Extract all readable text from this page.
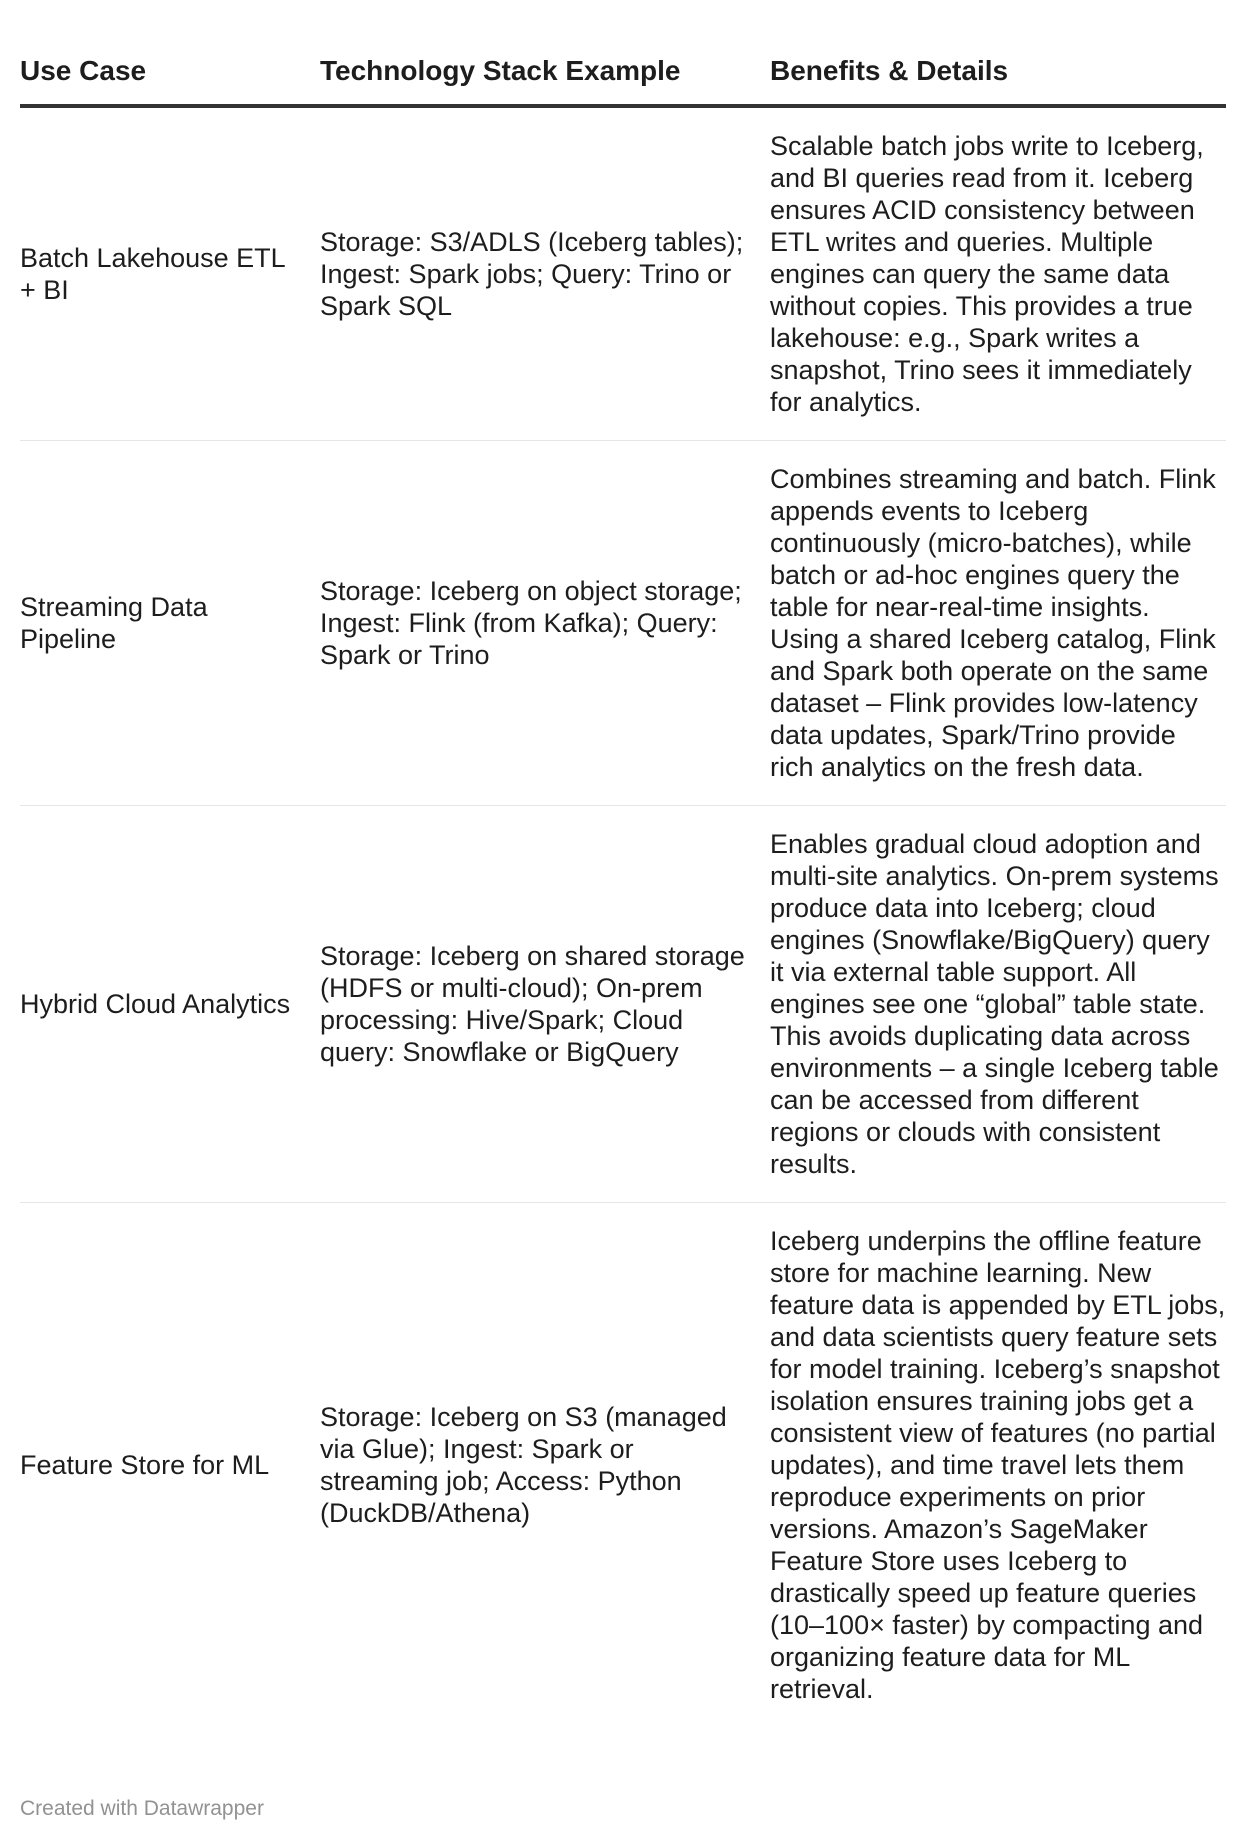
Use Case	Technology Stack Example	Benefits & Details
Batch Lakehouse ETL + BI	Storage: S3/ADLS (Iceberg tables); Ingest: Spark jobs; Query: Trino or Spark SQL	Scalable batch jobs write to Iceberg, and BI queries read from it. Iceberg ensures ACID consistency between ETL writes and queries. Multiple engines can query the same data without copies. This provides a true lakehouse: e.g., Spark writes a snapshot, Trino sees it immediately for analytics.
Streaming Data Pipeline	Storage: Iceberg on object storage; Ingest: Flink (from Kafka); Query: Spark or Trino	Combines streaming and batch. Flink appends events to Iceberg continuously (micro-batches), while batch or ad-hoc engines query the table for near-real-time insights. Using a shared Iceberg catalog, Flink and Spark both operate on the same dataset – Flink provides low-latency data updates, Spark/Trino provide rich analytics on the fresh data.
Hybrid Cloud Analytics	Storage: Iceberg on shared storage (HDFS or multi-cloud); On-prem processing: Hive/Spark; Cloud query: Snowflake or BigQuery	Enables gradual cloud adoption and multi-site analytics. On-prem systems produce data into Iceberg; cloud engines (Snowflake/BigQuery) query it via external table support. All engines see one “global” table state. This avoids duplicating data across environments – a single Iceberg table can be accessed from different regions or clouds with consistent results.
Feature Store for ML	Storage: Iceberg on S3 (managed via Glue); Ingest: Spark or streaming job; Access: Python (DuckDB/Athena)	Iceberg underpins the offline feature store for machine learning. New feature data is appended by ETL jobs, and data scientists query feature sets for model training. Iceberg’s snapshot isolation ensures training jobs get a consistent view of features (no partial updates), and time travel lets them reproduce experiments on prior versions. Amazon’s SageMaker Feature Store uses Iceberg to drastically speed up feature queries (10–100× faster) by compacting and organizing feature data for ML retrieval.
Created with Datawrapper
